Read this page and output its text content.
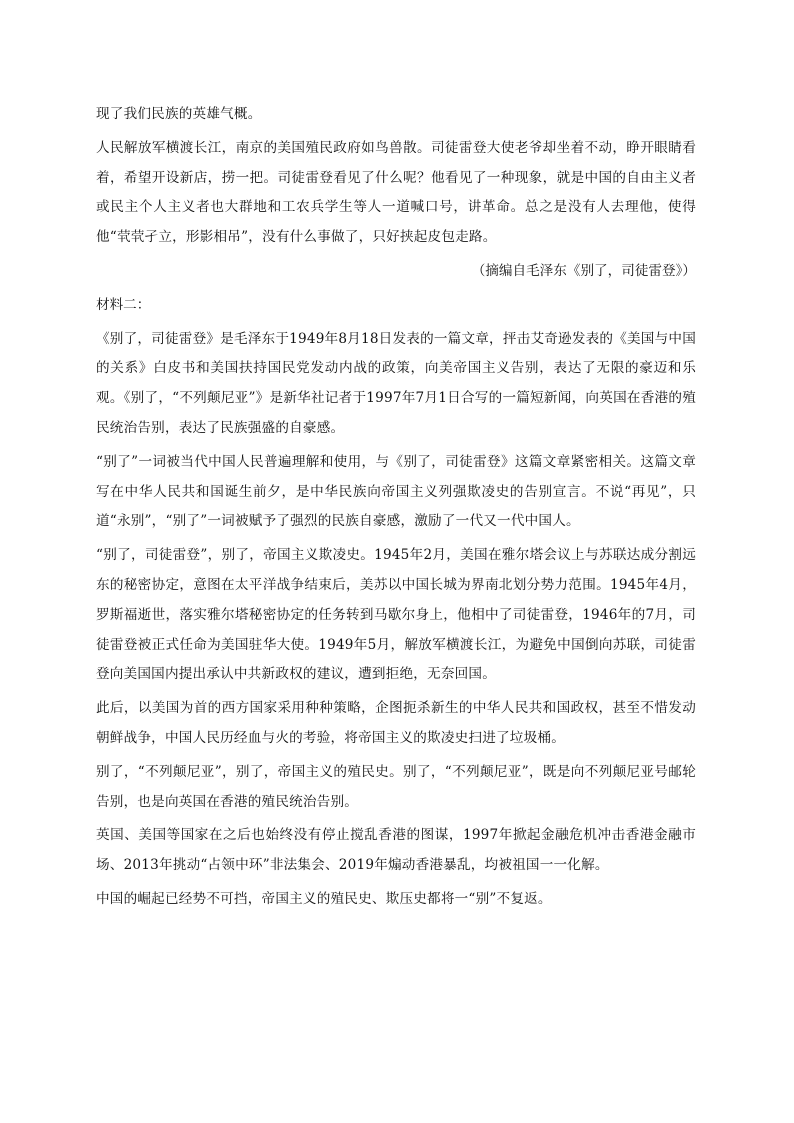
现了我们民族的英雄气概。

人民解放军横渡长江，南京的美国殖民政府如鸟兽散。司徒雷登大使老爷却坐着不动，睁开眼睛看着，希望开设新店，捞一把。司徒雷登看见了什么呢？他看见了一种现象，就是中国的自由主义者或民主个人主义者也大群地和工农兵学生等人一道喊口号，讲革命。总之是没有人去理他，使得他“茕茕孑立，形影相吊”，没有什么事做了，只好挟起皮包走路。

（摘编自毛泽东《别了，司徒雷登》）

材料二：

《别了，司徒雷登》是毛泽东于1949年8月18日发表的一篇文章，抨击艾奇逊发表的《美国与中国的关系》白皮书和美国扶持国民党发动内战的政策，向美帝国主义告别，表达了无限的豪迈和乐观。《别了，“不列颠尼亚”》是新华社记者于1997年7月1日合写的一篇短新闻，向英国在香港的殖民统治告别，表达了民族强盛的自豪感。

“别了”一词被当代中国人民普遍理解和使用，与《别了，司徒雷登》这篇文章紧密相关。这篇文章写在中华人民共和国诞生前夕，是中华民族向帝国主义列强欺凌史的告别宣言。不说“再见”，只道“永别”，“别了”一词被赋予了强烈的民族自豪感，激励了一代又一代中国人。

“别了，司徒雷登”，别了，帝国主义欺凌史。1945年2月，美国在雅尔塔会议上与苏联达成分割远东的秘密协定，意图在太平洋战争结束后，美苏以中国长城为界南北划分势力范围。1945年4月，罗斯福逝世，落实雅尔塔秘密协定的任务转到马歇尔身上，他相中了司徒雷登，1946年的7月，司徒雷登被正式任命为美国驻华大使。1949年5月，解放军横渡长江，为避免中国倒向苏联，司徒雷登向美国国内提出承认中共新政权的建议，遭到拒绝，无奈回国。

此后，以美国为首的西方国家采用种种策略，企图扼杀新生的中华人民共和国政权，甚至不惜发动朝鲜战争，中国人民历经血与火的考验，将帝国主义的欺凌史扫进了垃圾桶。

别了，“不列颠尼亚”，别了，帝国主义的殖民史。别了，“不列颠尼亚”，既是向不列颠尼亚号邮轮告别，也是向英国在香港的殖民统治告别。

英国、美国等国家在之后也始终没有停止搅乱香港的图谋，1997年掀起金融危机冲击香港金融市场、2013年挑动“占领中环”非法集会、2019年煽动香港暴乱，均被祖国一一化解。

中国的崛起已经势不可挡，帝国主义的殖民史、欺压史都将一“别”不复返。
